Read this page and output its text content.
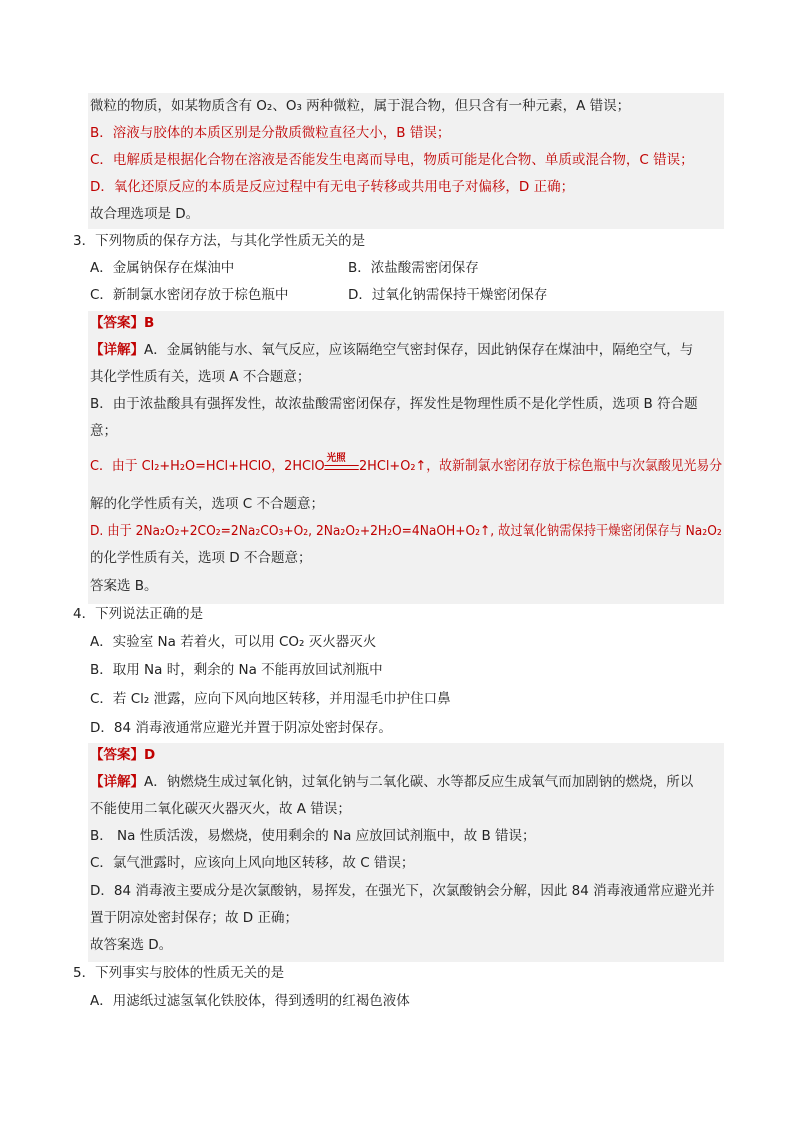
微粒的物质，如某物质含有 O₂、O₃ 两种微粒，属于混合物，但只含有一种元素，A 错误；
B．溶液与胶体的本质区别是分散质微粒直径大小，B 错误；
C．电解质是根据化合物在溶液是否能发生电离而导电，物质可能是化合物、单质或混合物，C 错误；
D．氧化还原反应的本质是反应过程中有无电子转移或共用电子对偏移，D 正确；
故合理选项是 D。
3．下列物质的保存方法，与其化学性质无关的是
A．金属钠保存在煤油中	B．浓盐酸需密闭保存
C．新制氯水密闭存放于棕色瓶中	D．过氧化钠需保持干燥密闭保存
【答案】B
【详解】A．金属钠能与水、氧气反应，应该隔绝空气密封保存，因此钠保存在煤油中，隔绝空气，与
其化学性质有关，选项 A 不合题意；
B．由于浓盐酸具有强挥发性，故浓盐酸需密闭保存，挥发性是物理性质不是化学性质，选项 B 符合题
意；
C．由于 Cl₂+H₂O=HCl+HClO，2HClO 光照 2HCl+O₂↑，故新制氯水密闭存放于棕色瓶中与次氯酸见光易分
解的化学性质有关，选项 C 不合题意；
D. 由于 2Na₂O₂+2CO₂=2Na₂CO₃+O₂, 2Na₂O₂+2H₂O=4NaOH+O₂↑, 故过氧化钠需保持干燥密闭保存与 Na₂O₂
的化学性质有关，选项 D 不合题意；
答案选 B。
4．下列说法正确的是
A．实验室 Na 若着火，可以用 CO₂ 灭火器灭火
B．取用 Na 时，剩余的 Na 不能再放回试剂瓶中
C．若 Cl₂ 泄露，应向下风向地区转移，并用湿毛巾护住口鼻
D．84 消毒液通常应避光并置于阴凉处密封保存。
【答案】D
【详解】A．钠燃烧生成过氧化钠，过氧化钠与二氧化碳、水等都反应生成氧气而加剧钠的燃烧，所以
不能使用二氧化碳灭火器灭火，故 A 错误；
B． Na 性质活泼，易燃烧，使用剩余的 Na 应放回试剂瓶中，故 B 错误；
C．氯气泄露时，应该向上风向地区转移，故 C 错误；
D．84 消毒液主要成分是次氯酸钠，易挥发，在强光下，次氯酸钠会分解，因此 84 消毒液通常应避光并
置于阴凉处密封保存；故 D 正确；
故答案选 D。
5．下列事实与胶体的性质无关的是
A．用滤纸过滤氢氧化铁胶体，得到透明的红褐色液体
